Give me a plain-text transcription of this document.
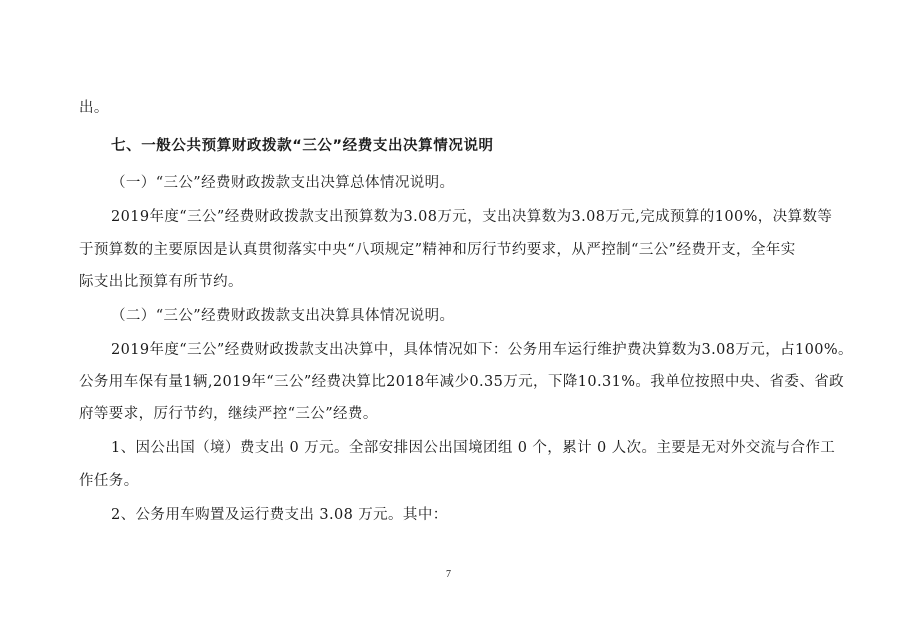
出。
七、一般公共预算财政拨款“三公”经费支出决算情况说明
（一）“三公”经费财政拨款支出决算总体情况说明。
2019年度“三公”经费财政拨款支出预算数为3.08万元，支出决算数为3.08万元,完成预算的100%，决算数等
于预算数的主要原因是认真贯彻落实中央“八项规定”精神和厉行节约要求，从严控制“三公”经费开支，全年实
际支出比预算有所节约。
（二）“三公”经费财政拨款支出决算具体情况说明。
2019年度“三公”经费财政拨款支出决算中，具体情况如下：公务用车运行维护费决算数为3.08万元，占100%。
公务用车保有量1辆,2019年“三公”经费决算比2018年减少0.35万元，下降10.31%。我单位按照中央、省委、省政
府等要求，厉行节约，继续严控“三公”经费。
1、因公出国（境）费支出 0 万元。全部安排因公出国境团组 0 个，累计 0 人次。主要是无对外交流与合作工
作任务。
2、公务用车购置及运行费支出 3.08 万元。其中：
7
